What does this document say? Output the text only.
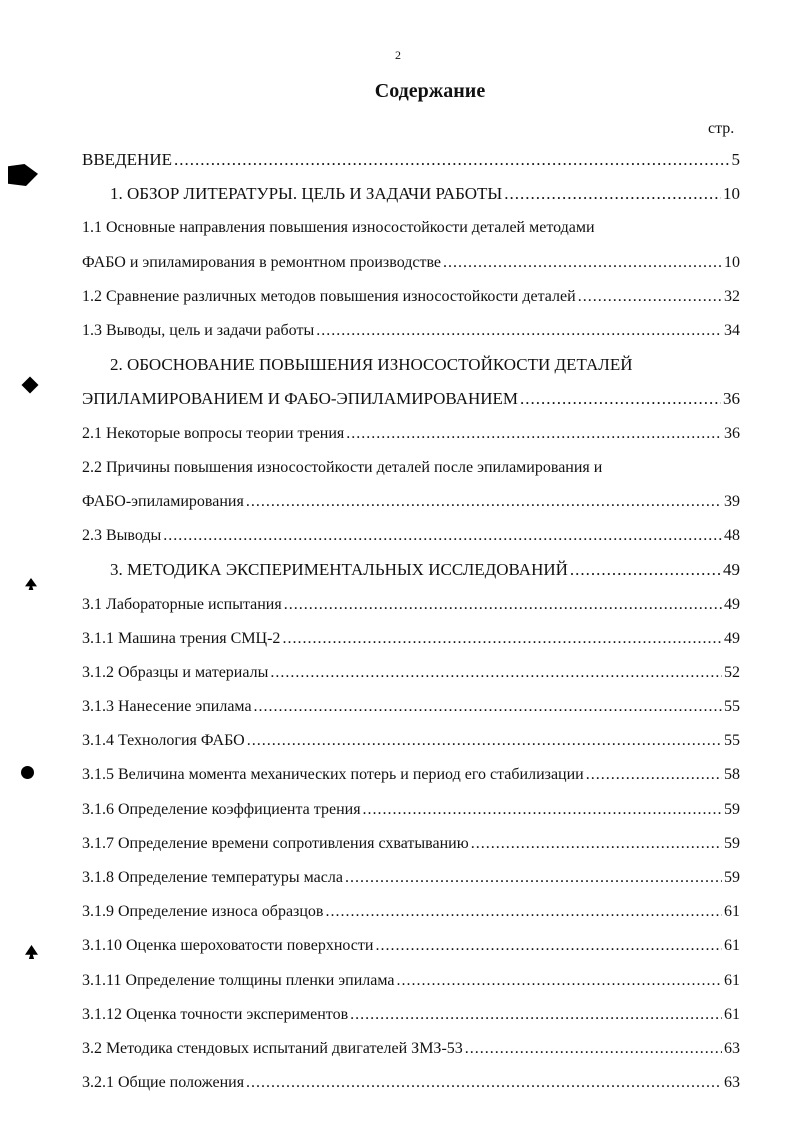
2
Содержание
стр.
ВВЕДЕНИЕ .....	5
1. ОБЗОР ЛИТЕРАТУРЫ. ЦЕЛЬ И ЗАДАЧИ РАБОТЫ .....	10
1.1 Основные направления повышения износостойкости деталей методами
ФАБО и эпиламирования в ремонтном производстве .....	10
1.2 Сравнение различных методов повышения износостойкости деталей .....	32
1.3 Выводы, цель и задачи работы .....	34
2. ОБОСНОВАНИЕ ПОВЫШЕНИЯ ИЗНОСОСТОЙКОСТИ ДЕТАЛЕЙ
ЭПИЛАМИРОВАНИЕМ И ФАБО-ЭПИЛАМИРОВАНИЕМ .....	36
2.1 Некоторые вопросы теории трения .....	36
2.2 Причины повышения износостойкости деталей после эпиламирования и
ФАБО-эпиламирования .....	39
2.3 Выводы .....	48
3. МЕТОДИКА ЭКСПЕРИМЕНТАЛЬНЫХ ИССЛЕДОВАНИЙ .....	49
3.1 Лабораторные испытания .....	49
3.1.1 Машина трения СМЦ-2 .....	49
3.1.2 Образцы и материалы .....	52
3.1.3 Нанесение эпилама .....	55
3.1.4 Технология ФАБО .....	55
3.1.5 Величина момента механических потерь и период его стабилизации .....	58
3.1.6 Определение коэффициента трения .....	59
3.1.7 Определение времени сопротивления схватыванию .....	59
3.1.8 Определение температуры масла .....	59
3.1.9 Определение износа образцов .....	61
3.1.10 Оценка шероховатости поверхности .....	61
3.1.11 Определение толщины пленки эпилама .....	61
3.1.12 Оценка точности экспериментов .....	61
3.2 Методика стендовых испытаний двигателей ЗМЗ-53 .....	63
3.2.1 Общие положения .....	63
